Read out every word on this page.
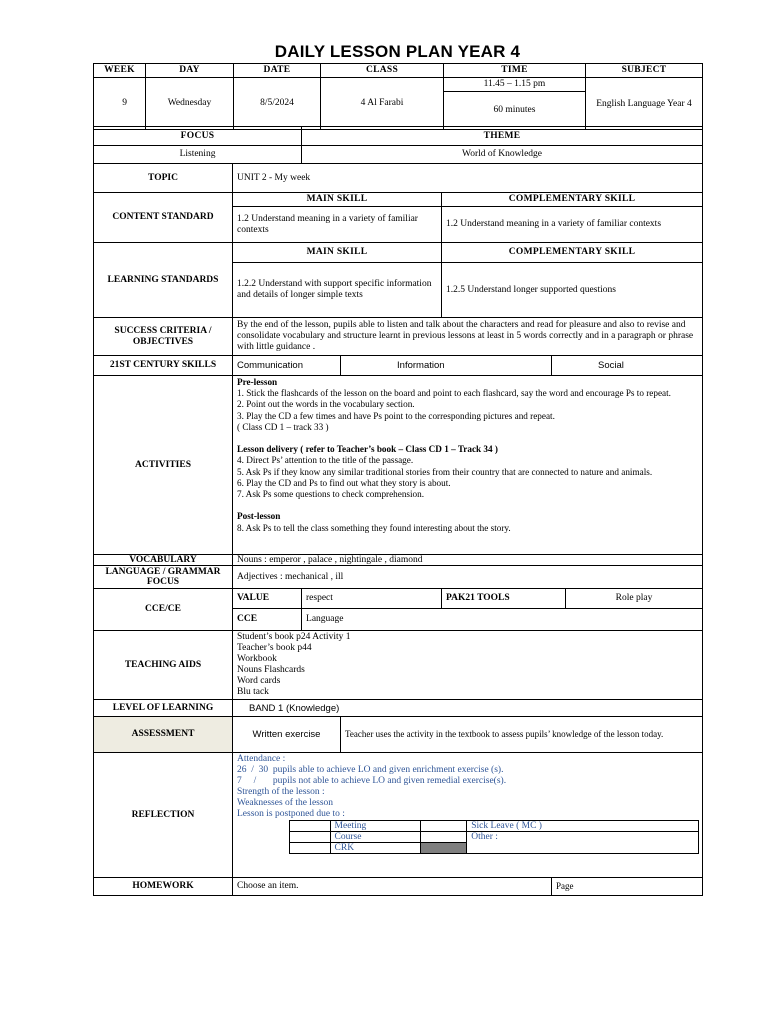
DAILY LESSON PLAN YEAR 4
WEEK	DAY	DATE	CLASS	TIME	SUBJECT
9	Wednesday	8/5/2024	4 Al Farabi	11.45 – 1.15 pm	English Language Year 4
				60 minutes	
FOCUS	THEME
Listening	World of Knowledge
TOPIC	UNIT 2 - My week
CONTENT STANDARD	MAIN SKILL	COMPLEMENTARY SKILL
1.2 Understand meaning in a variety of familiar contexts	1.2 Understand meaning in a variety of familiar contexts
LEARNING STANDARDS	MAIN SKILL	COMPLEMENTARY SKILL
1.2.2 Understand with support specific information and details of longer simple texts	1.2.5 Understand longer supported questions
SUCCESS CRITERIA / OBJECTIVES	By the end of the lesson, pupils able to listen and talk about the characters and read for pleasure and also to revise and consolidate vocabulary and structure learnt in previous lessons at least in 5 words correctly and in a paragraph or phrase with little guidance .
21ST CENTURY SKILLS	Communication	Information	Social
ACTIVITIES	

Pre-lesson

1. Stick the flashcards of the lesson on the board and point to each flashcard, say the word and encourage Ps to repeat.

2. Point out the words in the vocabulary section.

3. Play the CD a few times and have Ps point to the corresponding pictures and repeat.

( Class CD 1 – track 33 )

Lesson delivery ( refer to Teacher’s book – Class CD 1 – Track 34 )

4. Direct Ps’ attention to the title of the passage.

5. Ask Ps if they know any similar traditional stories from their country that are connected to nature and animals.

6. Play the CD and Ps to find out what they story is about.

7. Ask Ps some questions to check comprehension.

Post-lesson

8. Ask Ps to tell the class something they found interesting about the story.

VOCABULARY	Nouns : emperor , palace , nightingale , diamond
LANGUAGE / GRAMMAR FOCUS	Adjectives : mechanical , ill
CCE/CE	VALUE	respect	PAK21 TOOLS	Role play
CCE	Language
TEACHING AIDS	
Student’s book p24 Activity 1
Teacher’s book p44
Workbook
Nouns Flashcards
Word cards
Blu tack

LEVEL OF LEARNING	BAND 1 (Knowledge)
ASSESSMENT	Written exercise	Teacher uses the activity in the textbook to assess pupils’ knowledge of the lesson today.
REFLECTION	
Attendance :
26  /  30  pupils able to achieve LO and given enrichment exercise (s).
7     /       pupils not able to achieve LO and given remedial exercise(s).
Strength of the lesson :
Weaknesses of the lesson
Lesson is postponed due to :
	Meeting		Sick Leave ( MC )
	Course		Other :
	CRK	

HOMEWORK	Choose an item.	Page
